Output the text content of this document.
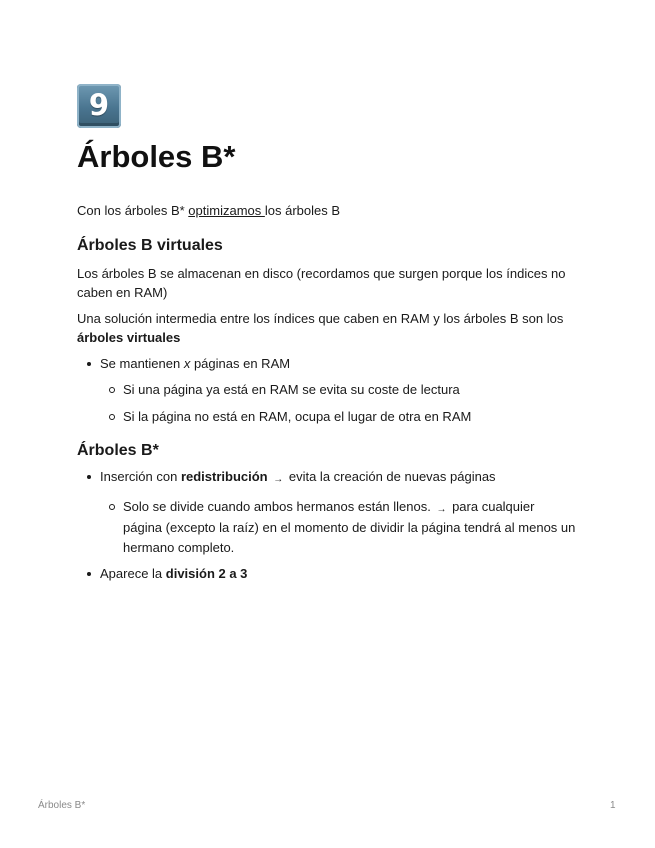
9
Árboles B*

Con los árboles B* optimizamos los árboles B

Árboles B virtuales

Los árboles B se almacenan en disco (recordamos que surgen porque los índices no caben en RAM)

Una solución intermedia entre los índices que caben en RAM y los árboles B son los árboles virtuales

Se mantienen x páginas en RAM
Si una página ya está en RAM se evita su coste de lectura
Si la página no está en RAM, ocupa el lugar de otra en RAM
Árboles B*
Inserción con redistribución → evita la creación de nuevas páginas
Solo se divide cuando ambos hermanos están llenos. → para cualquier página (excepto la raíz) en el momento de dividir la página tendrá al menos un hermano completo.
Aparece la división 2 a 3
Árboles B*	1
